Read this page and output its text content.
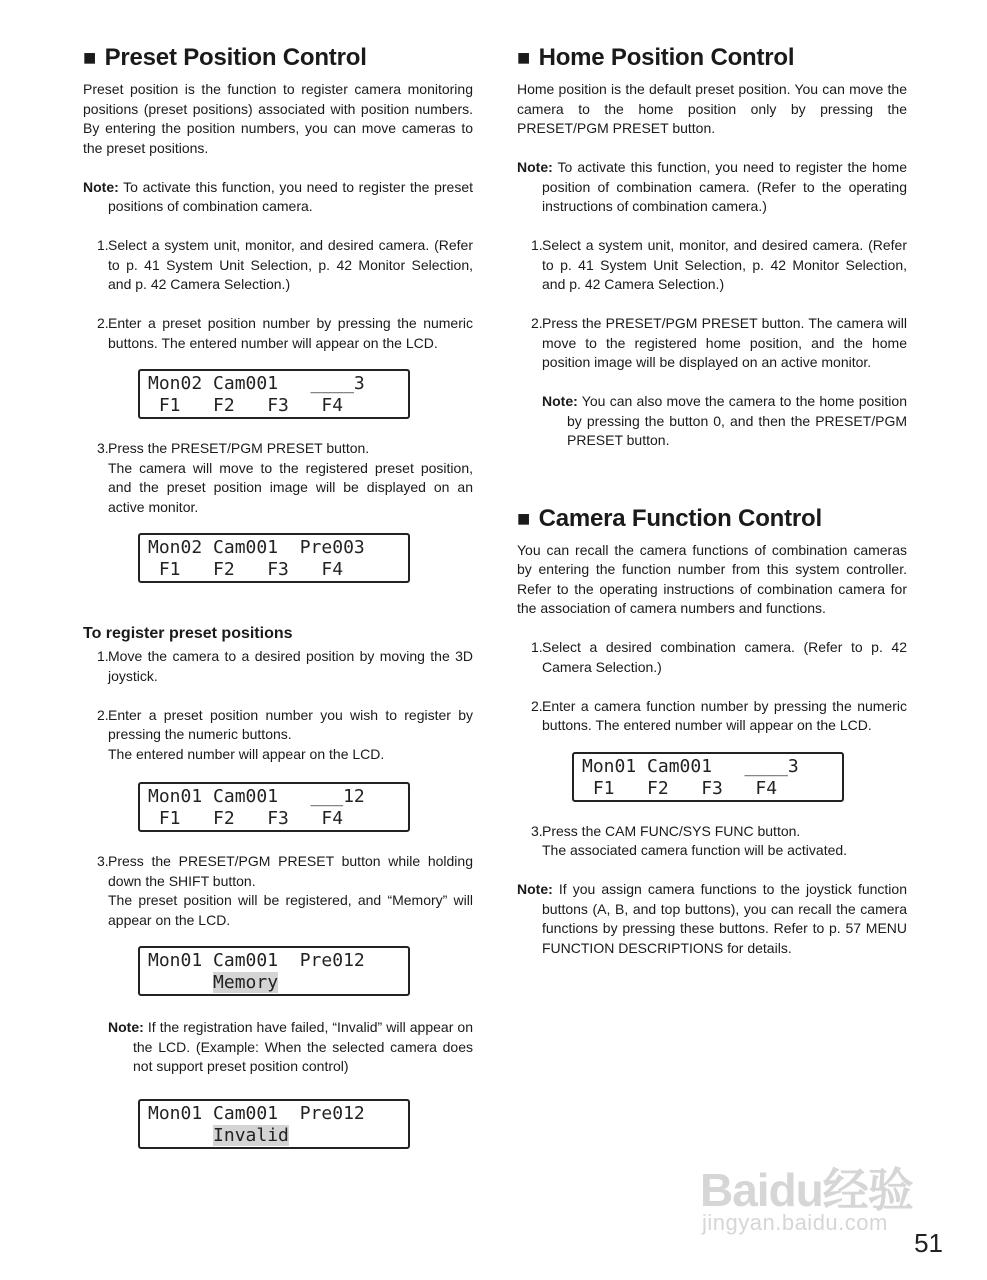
■ Preset Position Control

Preset position is the function to register camera monitoring positions (preset positions) associated with position numbers. By entering the position numbers, you can move cameras to the preset positions.

Note: To activate this function, you need to register the preset positions of combination camera.
1. Select a system unit, monitor, and desired camera. (Refer to p. 41 System Unit Selection, p. 42 Monitor Selection, and p. 42 Camera Selection.)
2. Enter a preset position number by pressing the numeric buttons. The entered number will appear on the LCD.
Mon02 Cam001   ____3
F1   F2   F3   F4
3. Press the PRESET/PGM PRESET button.
The camera will move to the registered preset position, and the preset position image will be displayed on an active monitor.
Mon02 Cam001  Pre003
F1   F2   F3   F4
To register preset positions
1. Move the camera to a desired position by moving the 3D joystick.
2. Enter a preset position number you wish to register by pressing the numeric buttons.
The entered number will appear on the LCD.
Mon01 Cam001   ___12
F1   F2   F3   F4
3. Press the PRESET/PGM PRESET button while holding down the SHIFT button.
The preset position will be registered, and “Memory” will appear on the LCD.
Mon01 Cam001  Pre012
Memory
Note: If the registration have failed, “Invalid” will appear on the LCD. (Example: When the selected camera does not support preset position control)
Mon01 Cam001  Pre012
Invalid
■ Home Position Control

Home position is the default preset position. You can move the camera to the home position only by pressing the PRESET/PGM PRESET button.

Note: To activate this function, you need to register the home position of combination camera. (Refer to the operating instructions of combination camera.)
1. Select a system unit, monitor, and desired camera. (Refer to p. 41 System Unit Selection, p. 42 Monitor Selection, and p. 42 Camera Selection.)
2. Press the PRESET/PGM PRESET button. The camera will move to the registered home position, and the home position image will be displayed on an active monitor.
Note: You can also move the camera to the home position by pressing the button 0, and then the PRESET/PGM PRESET button.
■ Camera Function Control

You can recall the camera functions of combination cameras by entering the function number from this system controller. Refer to the operating instructions of combination camera for the association of camera numbers and functions.

1. Select a desired combination camera. (Refer to p. 42 Camera Selection.)
2. Enter a camera function number by pressing the numeric buttons. The entered number will appear on the LCD.
Mon01 Cam001   ____3
F1   F2   F3   F4
3. Press the CAM FUNC/SYS FUNC button.
The associated camera function will be activated.
Note: If you assign camera functions to the joystick function buttons (A, B, and top buttons), you can recall the camera functions by pressing these buttons. Refer to p. 57 MENU FUNCTION DESCRIPTIONS for details.
Baidu经验
jingyan.baidu.com
51
